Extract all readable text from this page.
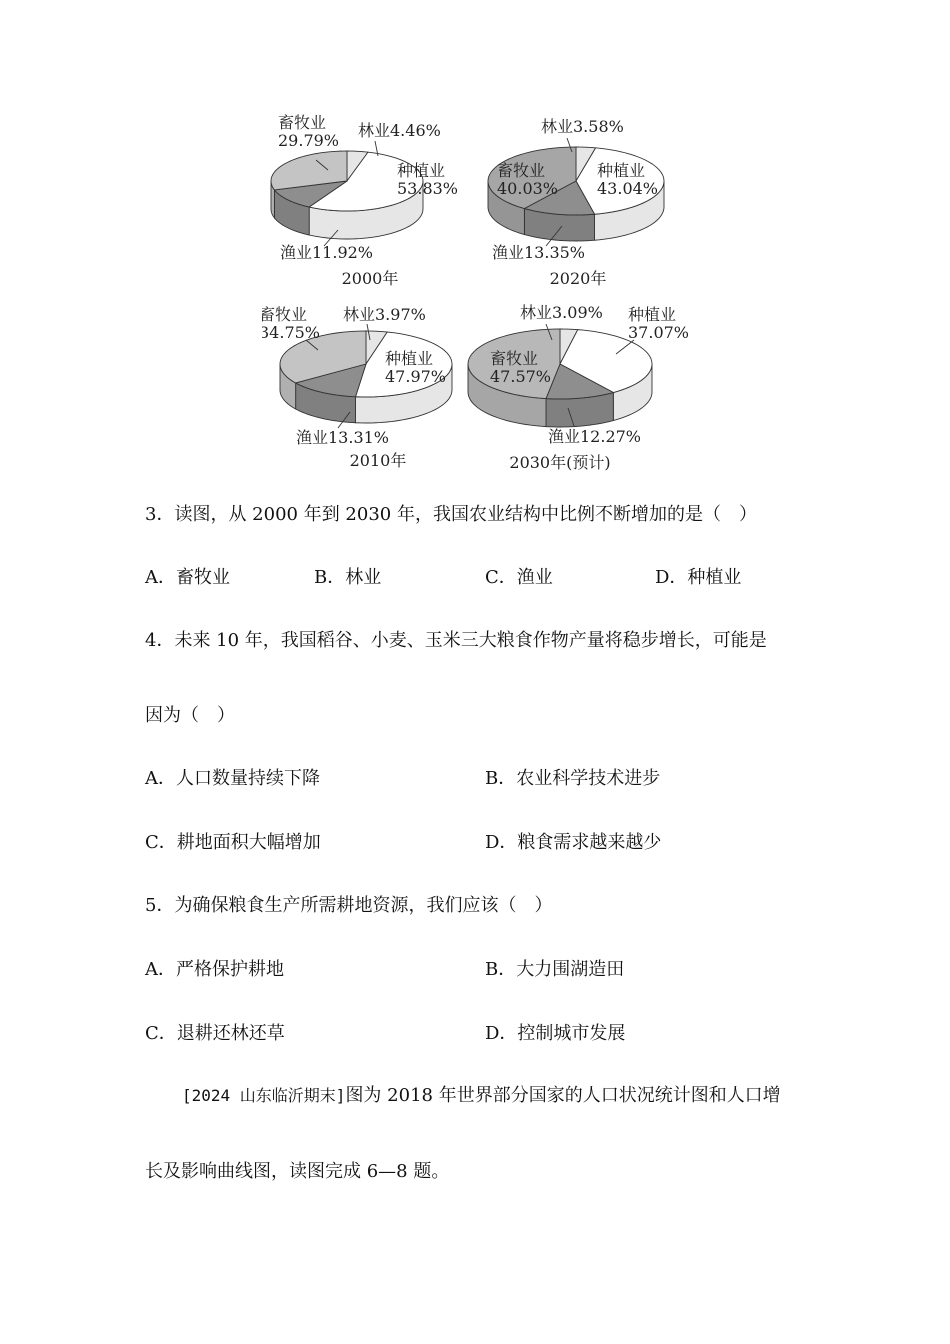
种植业
53.83%
渔业11.92%
畜牧业
29.79%
林业4.46%
2000年
种植业
43.04%
渔业13.35%
畜牧业
40.03%
林业3.58%
2020年
种植业
47.97%
渔业13.31%
畜牧业
34.75%
林业3.97%
2010年
种植业
37.07%
渔业12.27%
畜牧业
47.57%
林业3.09%
2030年(预计)
3．读图，从 2000 年到 2030 年，我国农业结构中比例不断增加的是（　）
A．畜牧业	B．林业	C．渔业	D．种植业
4．未来 10 年，我国稻谷、小麦、玉米三大粮食作物产量将稳步增长，可能是
因为（　）
A．人口数量持续下降	B．农业科学技术进步
C．耕地面积大幅增加	D．粮食需求越来越少
5．为确保粮食生产所需耕地资源，我们应该（　）
A．严格保护耕地	B．大力围湖造田
C．退耕还林还草	D．控制城市发展
[2024 山东临沂期末]图为 2018 年世界部分国家的人口状况统计图和人口增
长及影响曲线图，读图完成 6—8 题。
